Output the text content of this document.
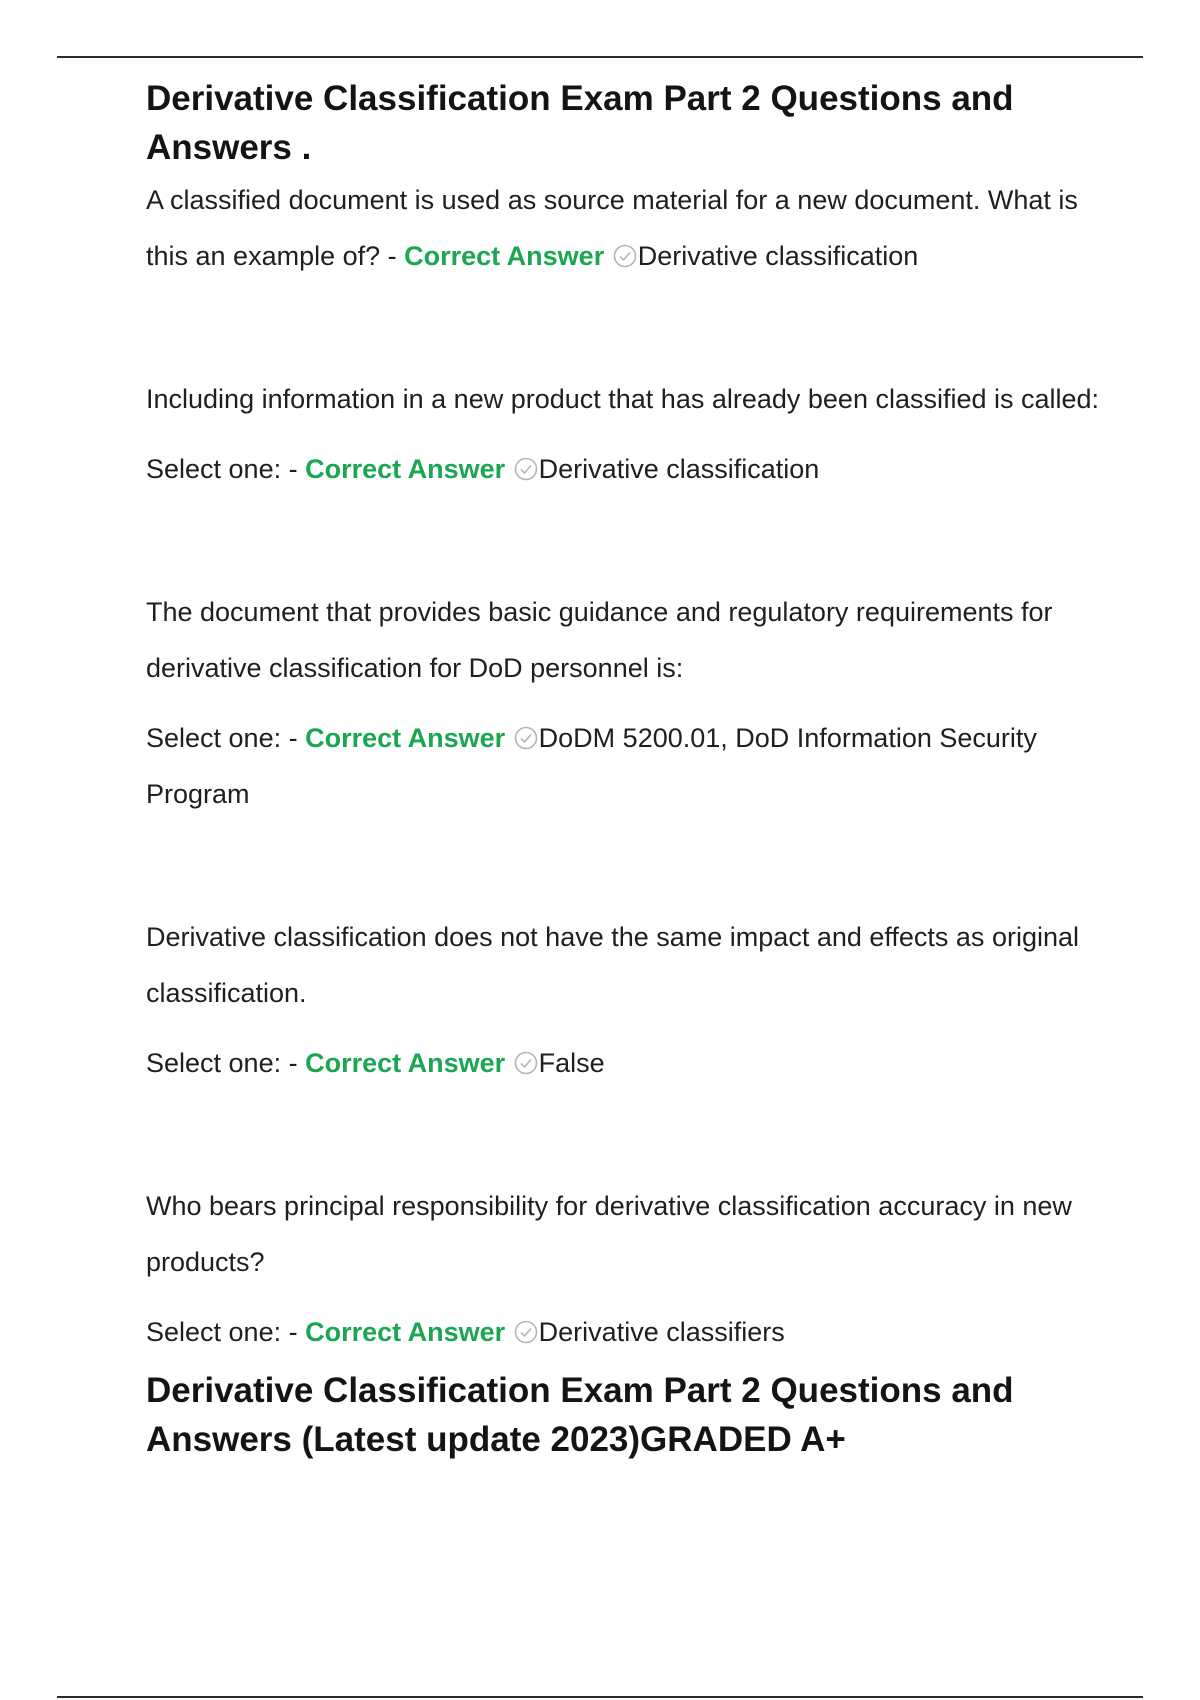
Derivative Classification Exam Part 2 Questions and Answers .

A classified document is used as source material for a new document. What is this an example of? - Correct Answer Derivative classification

Including information in a new product that has already been classified is called:

Select one: - Correct Answer Derivative classification

The document that provides basic guidance and regulatory requirements for derivative classification for DoD personnel is:

Select one: - Correct Answer DoDM 5200.01, DoD Information Security Program

Derivative classification does not have the same impact and effects as original classification.

Select one: - Correct Answer False

Who bears principal responsibility for derivative classification accuracy in new products?

Select one: - Correct Answer Derivative classifiers

Derivative Classification Exam Part 2 Questions and Answers (Latest update 2023)GRADED A+
